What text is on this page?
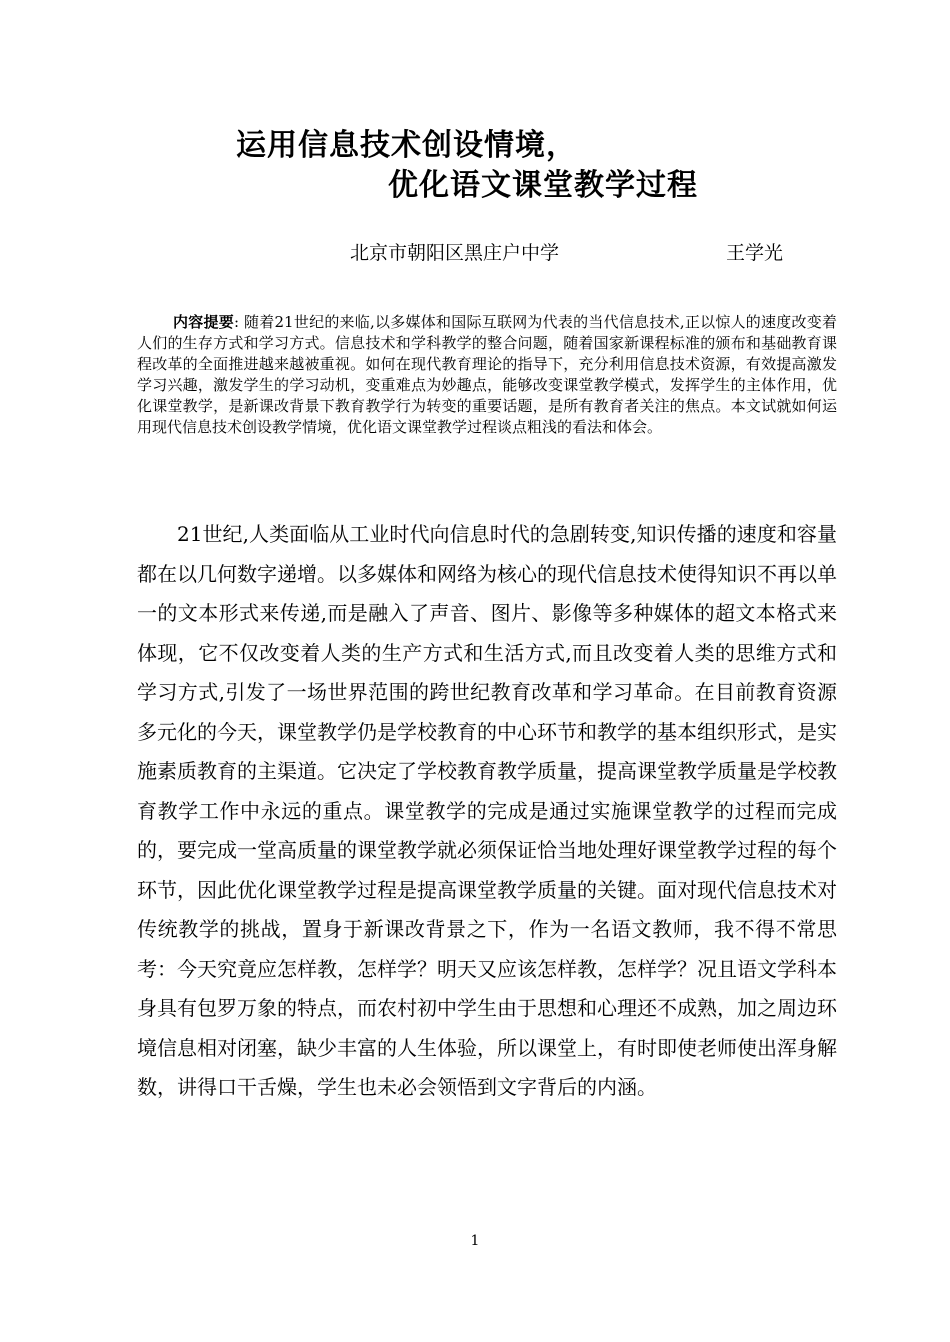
运用信息技术创设情境，
优化语文课堂教学过程
北京市朝阳区黑庄户中学	王学光

内容提要: 随着21世纪的来临,以多媒体和国际互联网为代表的当代信息技术,正以惊人的速度改变着人们的生存方式和学习方式。信息技术和学科教学的整合问题，随着国家新课程标准的颁布和基础教育课程改革的全面推进越来越被重视。如何在现代教育理论的指导下，充分利用信息技术资源，有效提高激发学习兴趣，激发学生的学习动机，变重难点为妙趣点，能够改变课堂教学模式，发挥学生的主体作用，优化课堂教学，是新课改背景下教育教学行为转变的重要话题，是所有教育者关注的焦点。本文试就如何运用现代信息技术创设教学情境，优化语文课堂教学过程谈点粗浅的看法和体会。

21世纪,人类面临从工业时代向信息时代的急剧转变,知识传播的速度和容量都在以几何数字递增。以多媒体和网络为核心的现代信息技术使得知识不再以单一的文本形式来传递,而是融入了声音、图片、影像等多种媒体的超文本格式来体现，它不仅改变着人类的生产方式和生活方式,而且改变着人类的思维方式和学习方式,引发了一场世界范围的跨世纪教育改革和学习革命。在目前教育资源多元化的今天，课堂教学仍是学校教育的中心环节和教学的基本组织形式，是实施素质教育的主渠道。它决定了学校教育教学质量，提高课堂教学质量是学校教育教学工作中永远的重点。课堂教学的完成是通过实施课堂教学的过程而完成的，要完成一堂高质量的课堂教学就必须保证恰当地处理好课堂教学过程的每个环节，因此优化课堂教学过程是提高课堂教学质量的关键。面对现代信息技术对传统教学的挑战，置身于新课改背景之下，作为一名语文教师，我不得不常思考：今天究竟应怎样教，怎样学？明天又应该怎样教，怎样学？况且语文学科本身具有包罗万象的特点，而农村初中学生由于思想和心理还不成熟，加之周边环境信息相对闭塞，缺少丰富的人生体验，所以课堂上，有时即使老师使出浑身解数，讲得口干舌燥，学生也未必会领悟到文字背后的内涵。

1
